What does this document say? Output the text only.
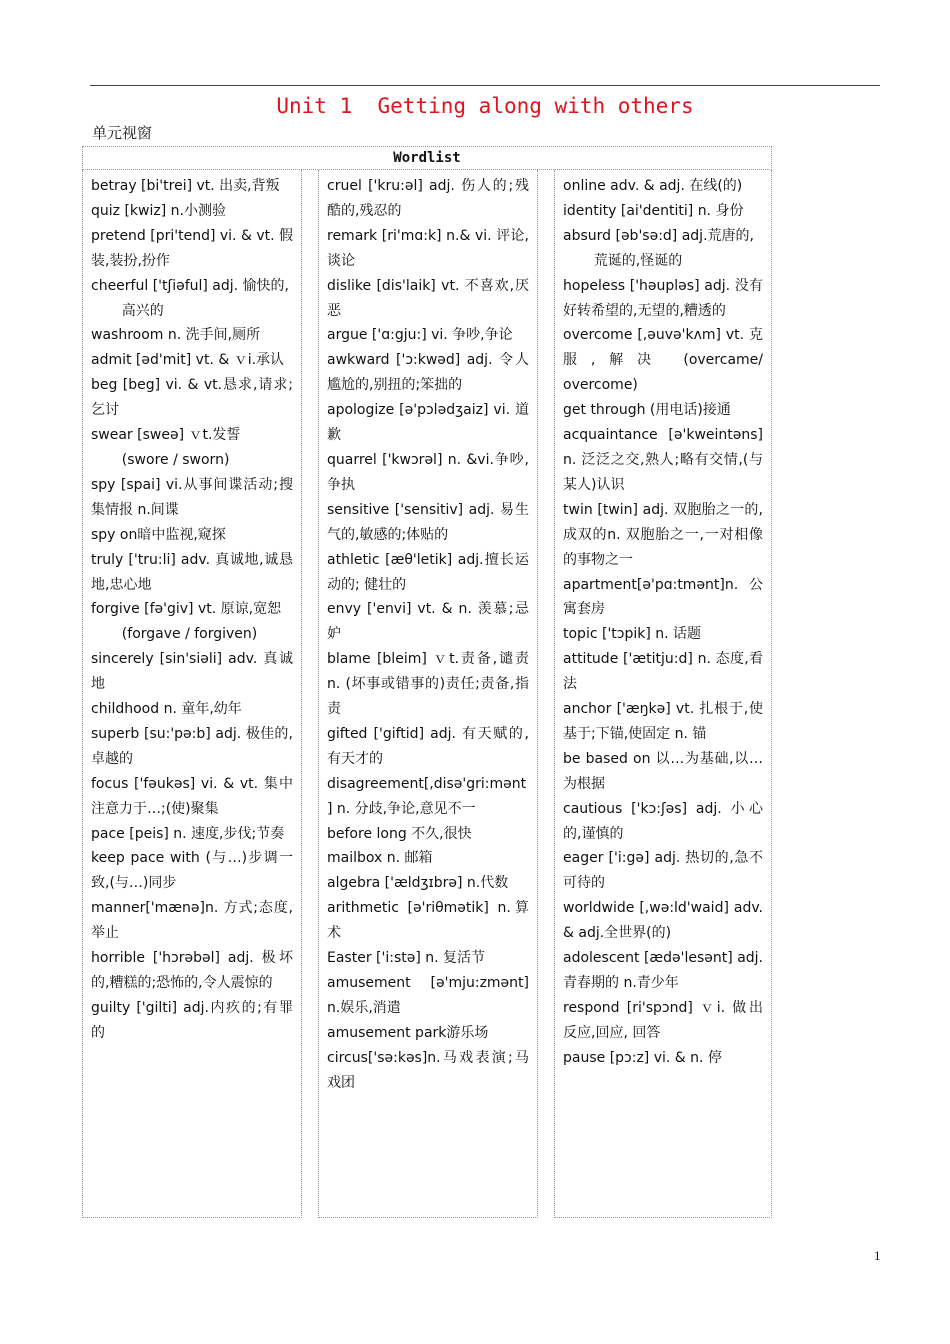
Unit 1  Getting along with others
单元视窗
Wordlist

betray [bi'trei] vt. 出卖,背叛

quiz [kwiz] n.小测验

pretend [pri'tend] vi. & vt. 假装,装扮,扮作

cheerful ['tʃiəful] adj. 愉快的,

高兴的

washroom n. 洗手间,厕所

admit [əd'mit] vt. & ｖi.承认

beg [beg] vi. & vt.恳求,请求;乞讨

swear [sweə] ｖt.发誓

(swore / sworn)

spy [spai] vi.从事间谍活动;搜集情报 n.间谍

spy on暗中监视,窥探

truly ['tru:li] adv. 真诚地,诚恳地,忠心地

forgive [fə'giv] vt. 原谅,宽恕

(forgave / forgiven)

sincerely [sin'siəli] adv. 真诚地

childhood n. 童年,幼年

superb [su:'pə:b] adj. 极佳的,卓越的

focus ['fəukəs] vi. & vt. 集中注意力于…;(使)聚集

pace [peis] n. 速度,步伐;节奏

keep pace with (与…)步调一致,(与…)同步

manner['mænə]n. 方式;态度,举止

horrible ['hɔrəbəl] adj. 极坏的,糟糕的;恐怖的,令人震惊的

guilty ['gilti] adj.内疚的;有罪的

cruel ['kru:əl] adj. 伤人的;残酷的,残忍的

remark [ri'mɑ:k] n.& vi. 评论,谈论

dislike [dis'laik] vt. 不喜欢,厌恶

argue ['ɑ:gju:] vi. 争吵,争论

awkward ['ɔ:kwəd] adj. 令人尴尬的,别扭的;笨拙的

apologize [ə'pɔlədʒaiz] vi. 道歉

quarrel ['kwɔrəl] n. &vi.争吵,争执

sensitive ['sensitiv] adj. 易生气的,敏感的;体贴的

athletic [æθ'letik] adj.擅长运动的; 健壮的

envy ['envi] vt. & n. 羡慕;忌妒

blame [bleim] ｖt.责备,谴责 n. (坏事或错事的)责任;责备,指责

gifted ['giftid] adj. 有天赋的,有天才的

disagreement[,disə'gri:mənt] n. 分歧,争论,意见不一

before long 不久,很快

mailbox n. 邮箱

algebra ['ældʒɪbrə] n.代数

arithmetic [ə'riθmətik] n.算术

Easter ['i:stə] n. 复活节

amusement [ə'mju:zmənt] n.娱乐,消遣

amusement park游乐场

circus['sə:kəs]n.马戏表演;马戏团

online adv. & adj. 在线(的)

identity [ai'dentiti] n. 身份

absurd [əb'sə:d] adj.荒唐的,

荒诞的,怪诞的

hopeless ['həupləs] adj. 没有好转希望的,无望的,糟透的

overcome [,əuvə'kʌm] vt. 克服,解决 (overcame/ overcome)

get through (用电话)接通

acquaintance [ə'kweintəns] n. 泛泛之交,熟人;略有交情,(与某人)认识

twin [twin] adj. 双胞胎之一的,成双的n. 双胞胎之一,一对相像的事物之一

apartment[ə'pɑ:tmənt]n. 公寓套房

topic ['tɔpik] n. 话题

attitude ['ætitju:d] n. 态度,看法

anchor ['æŋkə] vt. 扎根于,使基于;下锚,使固定 n. 锚

be based on 以…为基础,以…为根据

cautious ['kɔ:ʃəs] adj. 小心的,谨慎的

eager ['i:gə] adj. 热切的,急不可待的

worldwide [,wə:ld'waid] adv. & adj.全世界(的)

adolescent [ædə'lesənt] adj.青春期的 n.青少年

respond [ri'spɔnd] ｖi. 做出反应,回应, 回答

pause [pɔ:z] vi. & n. 停

1
